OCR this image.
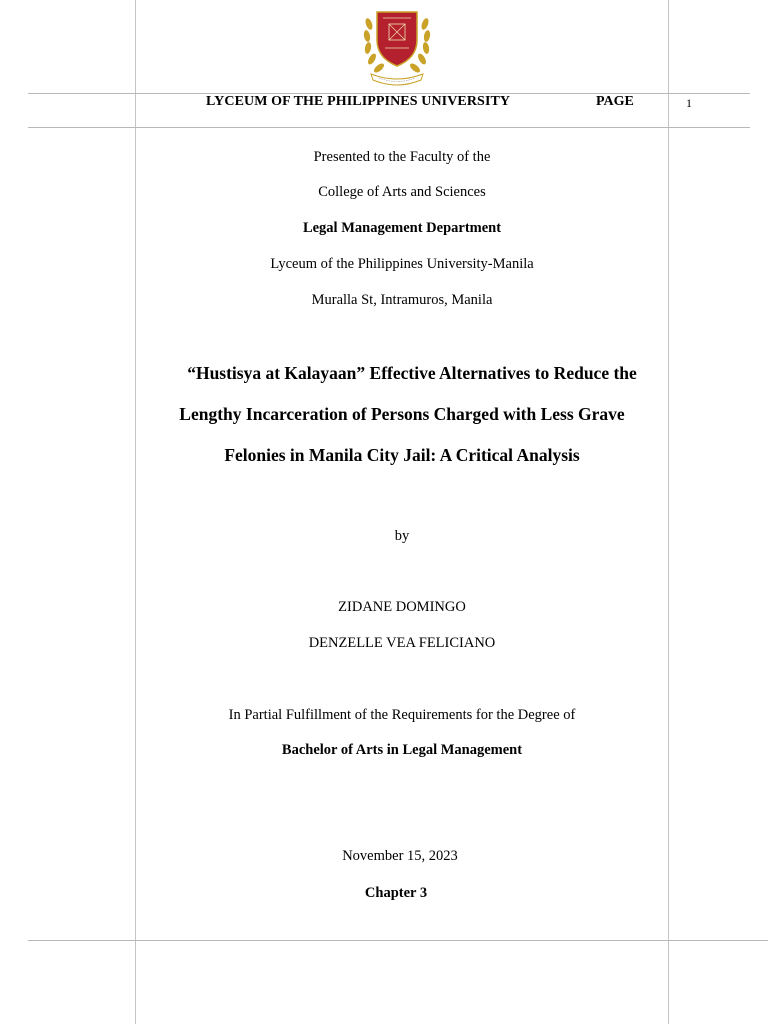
LYCEUM OF THE PHILIPPINES UNIVERSITY	PAGE	1
Presented to the Faculty of the
College of Arts and Sciences
Legal Management Department
Lyceum of the Philippines University-Manila
Muralla St, Intramuros, Manila
“Hustisya at Kalayaan” Effective Alternatives to Reduce the
Lengthy Incarceration of Persons Charged with Less Grave
Felonies in Manila City Jail: A Critical Analysis
by
ZIDANE DOMINGO
DENZELLE VEA FELICIANO
In Partial Fulfillment of the Requirements for the Degree of
Bachelor of Arts in Legal Management
November 15, 2023
Chapter 3
